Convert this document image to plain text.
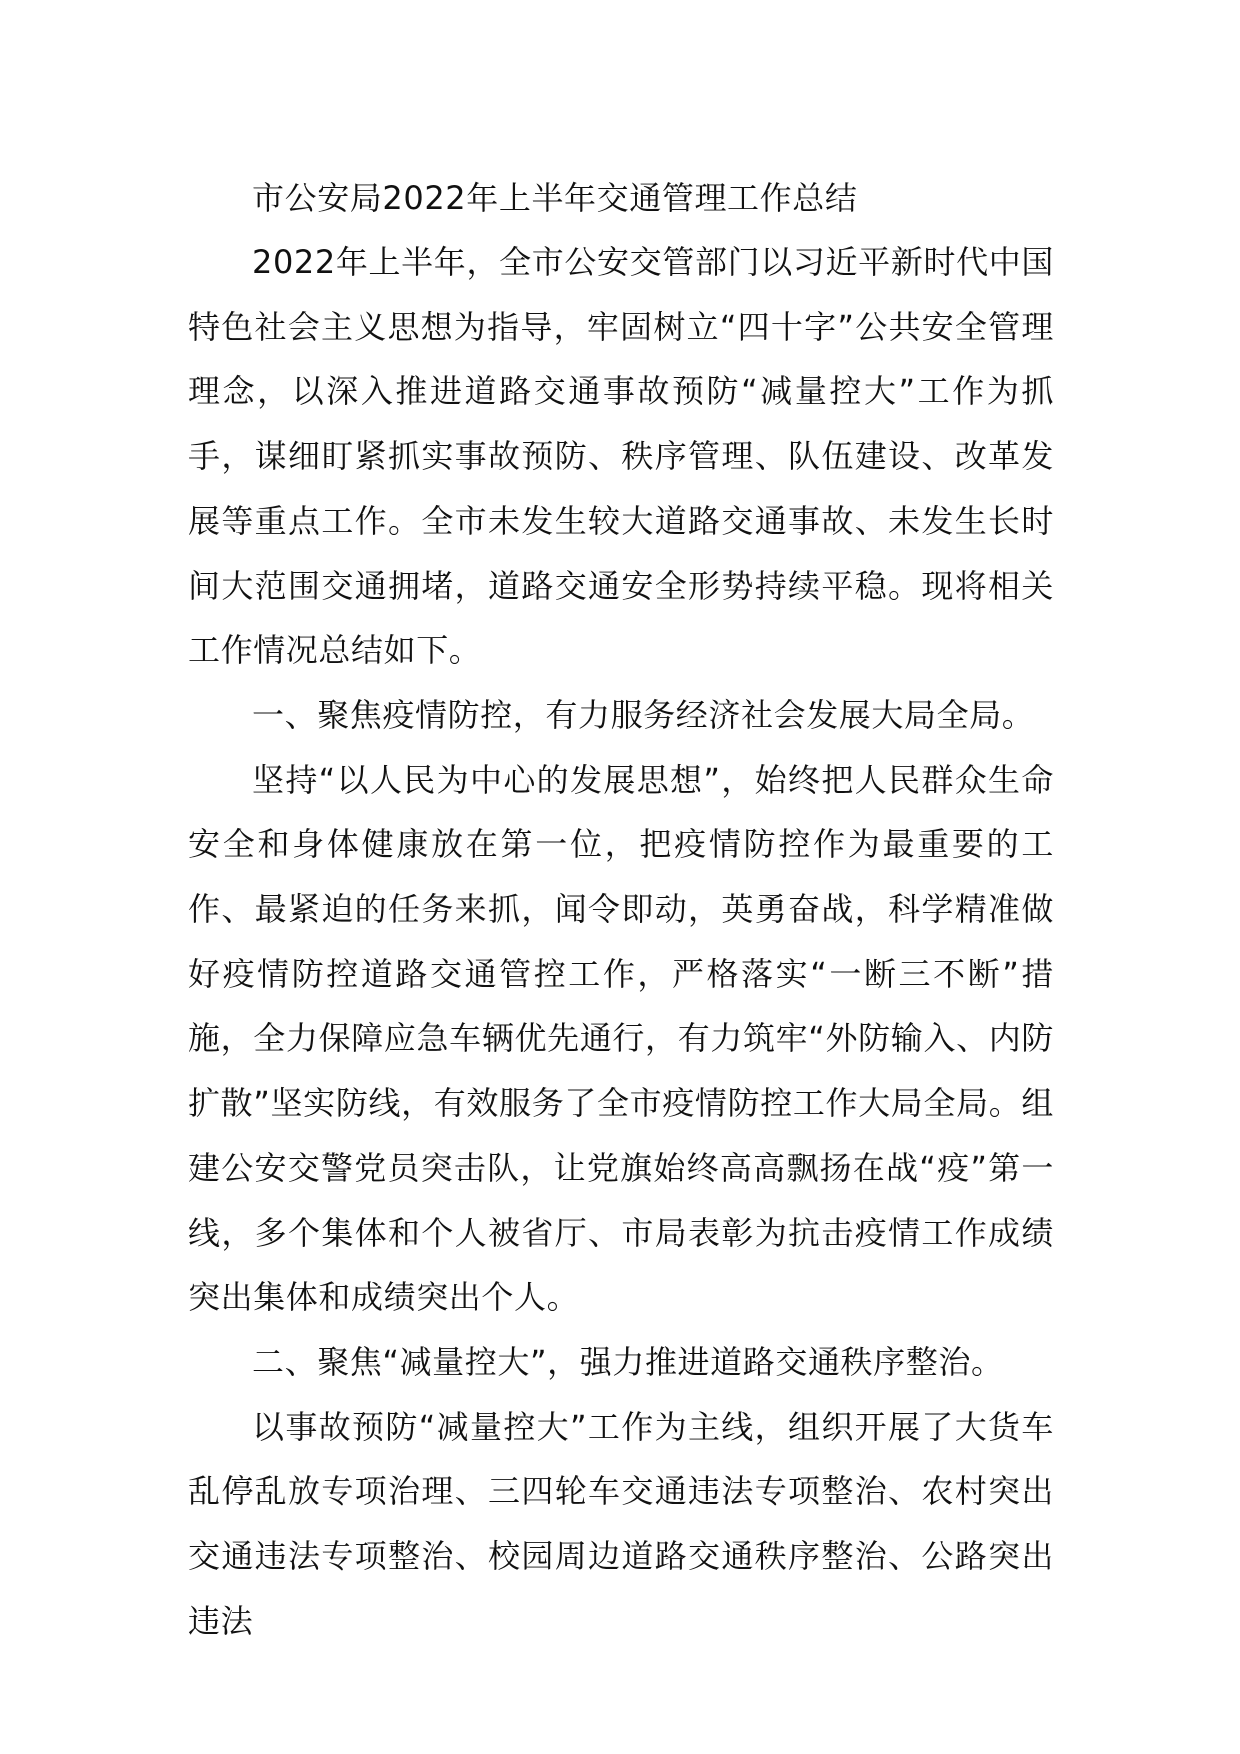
市公安局2022年上半年交通管理工作总结

2022年上半年，全市公安交管部门以习近平新时代中国特色社会主义思想为指导，牢固树立“四十字”公共安全管理理念，以深入推进道路交通事故预防“减量控大”工作为抓手，谋细盯紧抓实事故预防、秩序管理、队伍建设、改革发展等重点工作。全市未发生较大道路交通事故、未发生长时间大范围交通拥堵，道路交通安全形势持续平稳。现将相关工作情况总结如下。

一、聚焦疫情防控，有力服务经济社会发展大局全局。

坚持“以人民为中心的发展思想”，始终把人民群众生命安全和身体健康放在第一位，把疫情防控作为最重要的工作、最紧迫的任务来抓，闻令即动，英勇奋战，科学精准做好疫情防控道路交通管控工作，严格落实“一断三不断”措施，全力保障应急车辆优先通行，有力筑牢“外防输入、内防扩散”坚实防线，有效服务了全市疫情防控工作大局全局。组建公安交警党员突击队，让党旗始终高高飘扬在战“疫”第一线，多个集体和个人被省厅、市局表彰为抗击疫情工作成绩突出集体和成绩突出个人。

二、聚焦“减量控大”，强力推进道路交通秩序整治。

以事故预防“减量控大”工作为主线，组织开展了大货车乱停乱放专项治理、三四轮车交通违法专项整治、农村突出交通违法专项整治、校园周边道路交通秩序整治、公路突出违法
